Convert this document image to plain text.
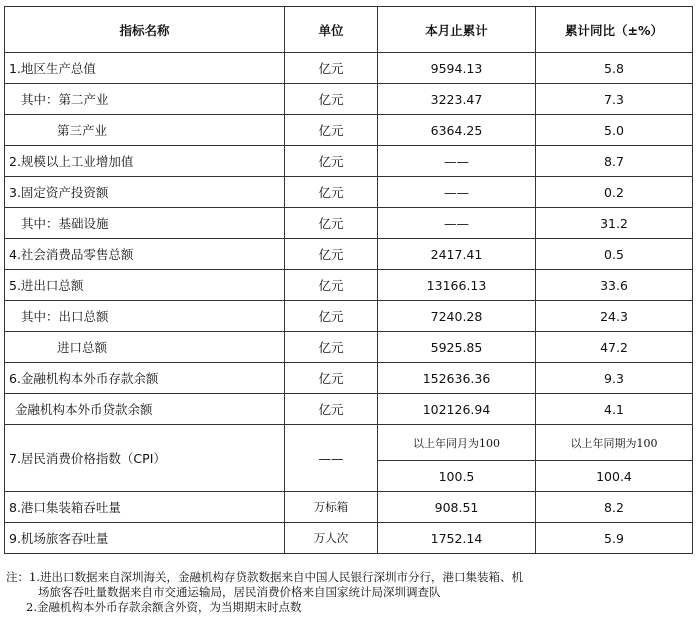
指标名称	单位	本月止累计	累计同比（±%）
1.地区生产总值	亿元	9594.13	5.8
其中：第二产业	亿元	3223.47	7.3
第三产业	亿元	6364.25	5.0
2.规模以上工业增加值	亿元	——	8.7
3.固定资产投资额	亿元	——	0.2
其中：基础设施	亿元	——	31.2
4.社会消费品零售总额	亿元	2417.41	0.5
5.进出口总额	亿元	13166.13	33.6
其中：出口总额	亿元	7240.28	24.3
进口总额	亿元	5925.85	47.2
6.金融机构本外币存款余额	亿元	152636.36	9.3
金融机构本外币贷款余额	亿元	102126.94	4.1
7.居民消费价格指数（CPI）	——	以上年同月为100	以上年同期为100
		100.5	100.4
8.港口集装箱吞吐量	万标箱	908.51	8.2
9.机场旅客吞吐量	万人次	1752.14	5.9
注：1.进出口数据来自深圳海关，金融机构存贷款数据来自中国人民银行深圳市分行，港口集装箱、机
场旅客吞吐量数据来自市交通运输局，居民消费价格来自国家统计局深圳调查队
2.金融机构本外币存款余额含外资，为当期期末时点数
